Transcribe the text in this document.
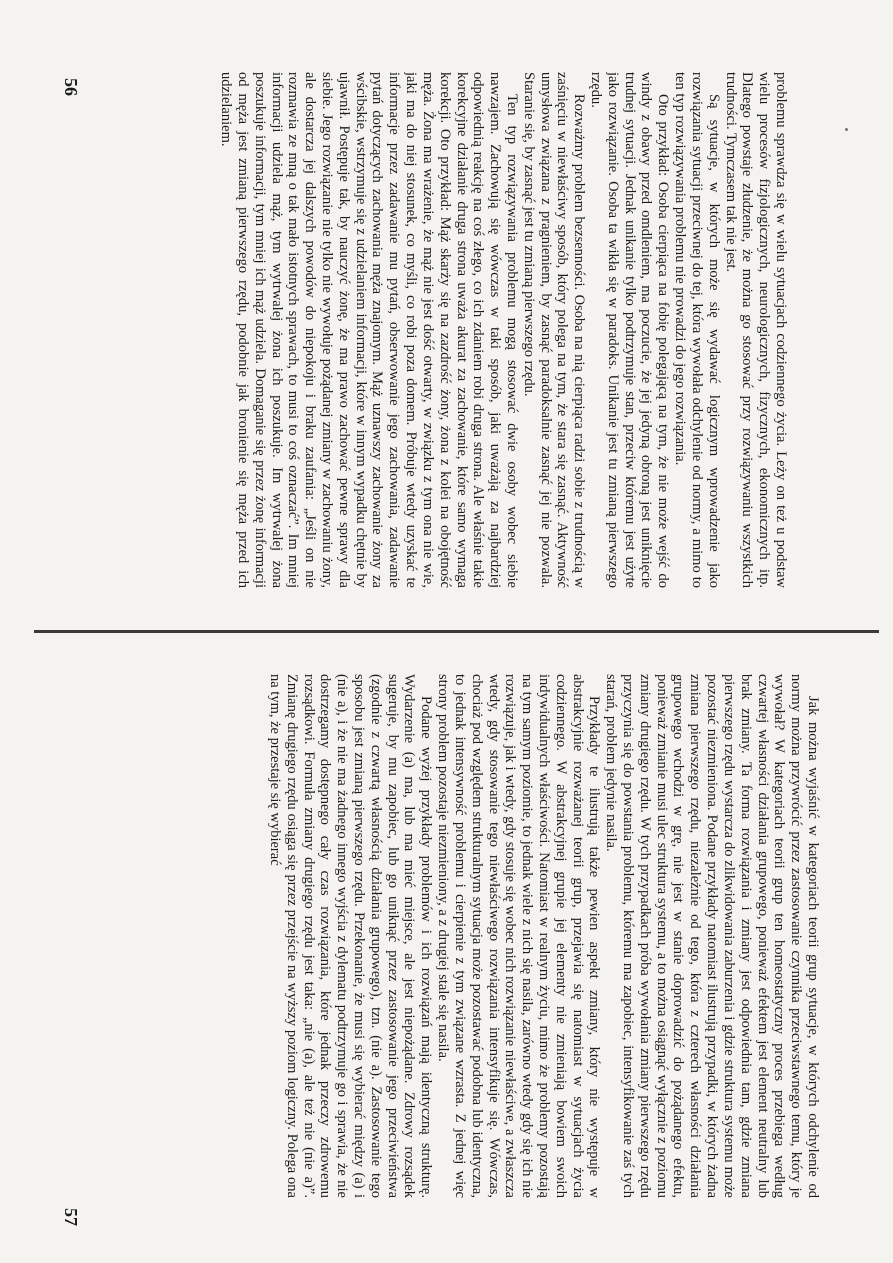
problemu sprawdza się w wielu sytuacjach codziennego życia. Leży on też u podstaw wielu procesów fizjologicznych, neurologicznych, fizycznych, ekonomicznych itp. Dlatego powstaje złudzenie, że można go stosować przy rozwiązywaniu wszystkich trudności. Tymczasem tak nie jest.

Są sytuacje, w których może się wydawać logicznym wprowadzenie jako rozwiązania sytuacji przeciwnej do tej, która wywołała odchylenie od normy, a mimo to ten typ rozwiązywania problemu nie prowadzi do jego rozwiązania.

Oto przykład: Osoba cierpiąca na fobię polegającą na tym, że nie może wejść do windy z obawy przed omdleniem, ma poczucie, że jej jedyną obroną jest uniknięcie trudnej sytuacji. Jednak unikanie tylko podtrzymuje stan, przeciw któremu jest użyte jako rozwiązanie. Osoba ta wikła się w paradoks. Unikanie jest tu zmianą pierwszego rzędu.

Rozważmy problem bezsenności. Osoba na nią cierpiąca radzi sobie z trudnością w zaśnięciu w niewłaściwy sposób, który polega na tym, że stara się zasnąć. Aktywność umysłowa związana z pragnieniem, by zasnąć paradoksalnie zasnąć jej nie pozwala. Staranie się, by zasnąć jest tu zmianą pierwszego rzędu.

Ten typ rozwiązywania problemu mogą stosować dwie osoby wobec siebie nawzajem. Zachowują się wówczas w taki sposób, jaki uważają za najbardziej odpowiednią reakcję na coś złego, co ich zdaniem robi druga strona. Ale właśnie takie korekcyjne działanie druga strona uważa akurat za zachowanie, które samo wymaga korekcji. Oto przykład: Mąż skarży się na zazdrość żony, żona z kolei na obojętność męża. Żona ma wrażenie, że mąż nie jest dość otwarty, w związku z tym ona nie wie, jaki ma do niej stosunek, co myśli, co robi poza domem. Próbuje wtedy uzyskać te informacje przez zadawanie mu pytań, obserwowanie jego zachowania, zadawanie pytań dotyczących zachowania męża znajomym. Mąż uznawszy zachowanie żony za wścibskie, wstrzymuje się z udzielaniem informacji, które w innym wypadku chętnie by ujawnił. Postępuje tak, by nauczyć żonę, że ma prawo zachować pewne sprawy dla siebie. Jego rozwiązanie nie tylko nie wywołuje pożądanej zmiany w zachowaniu żony, ale dostarcza jej dalszych powodów do niepokoju i braku zaufania: „Jeśli on nie rozmawia ze mną o tak mało istotnych sprawach, to musi to coś oznaczać”. Im mniej informacji udziela mąż, tym wytrwalej żona ich poszukuje. Im wytrwalej żona poszukuje informacji, tym mniej ich mąż udziela. Domaganie się przez żonę informacji od męża jest zmianą pierwszego rzędu, podobnie jak bronienie się męża przed ich udzielaniem.

56

Jak można wyjaśnić w kategoriach teorii grup sytuacje, w których odchylenie od normy można przywrócić przez zastosowanie czynnika przeciwstawnego temu, który je wywołał? W kategoriach teorii grup ten homeostatyczny proces przebiega według czwartej własności działania grupowego, ponieważ efektem jest element neutralny lub brak zmiany. Ta forma rozwiązania i zmiany jest odpowiednia tam, gdzie zmiana pierwszego rzędu wystarcza do zlikwidowania zaburzenia i gdzie struktura systemu może pozostać niezmieniona. Podane przykłady natomiast ilustrują przypadki, w których żadna zmiana pierwszego rzędu, niezależnie od tego, która z czterech własności działania grupowego wchodzi w grę, nie jest w stanie doprowadzić do pożądanego efektu, ponieważ zmianie musi ulec struktura systemu, a to można osiągnąć wyłącznie z poziomu zmiany drugiego rzędu. W tych przypadkach próba wywołania zmiany pierwszego rzędu przyczynia się do powstania problemu, któremu ma zapobiec, intensyfikowanie zaś tych starań, problem jedynie nasila.

Przykłady te ilustrują także pewien aspekt zmiany, który nie występuje w abstrakcyjnie rozważanej teorii grup, przejawia się natomiast w sytuacjach życia codziennego. W abstrakcyjnej grupie jej elementy nie zmieniają bowiem swoich indywidualnych właściwości. Natomiast w realnym życiu, mimo że problemy pozostają na tym samym poziomie, to jednak wiele z nich się nasila, zarówno wtedy gdy się ich nie rozwiązuje, jak i wtedy, gdy stosuje się wobec nich rozwiązanie niewłaściwe, a zwłaszcza wtedy, gdy stosowanie tego niewłaściwego rozwiązania intensyfikuje się. Wówczas, chociaż pod względem strukturalnym sytuacja może pozostawać podobna lub identyczna, to jednak intensywność problemu i cierpienie z tym związane wzrasta. Z jednej więc strony problem pozostaje niezmieniony, a z drugiej stale się nasila.

Podane wyżej przykłady problemów i ich rozwiązań mają identyczną strukturę. Wydarzenie (a) ma, lub ma mieć miejsce, ale jest niepożądane. Zdrowy rozsądek sugeruje, by mu zapobiec, lub go uniknąć przez zastosowanie jego przeciwieństwa (zgodnie z czwartą własnością działania grupowego), tzn. (nie a). Zastosowanie tego sposobu jest zmianą pierwszego rzędu. Przekonanie, że musi się wybierać między (a) i (nie a), i że nie ma żadnego innego wyjścia z dylematu podtrzymuje go i sprawia, że nie dostrzegamy dostępnego cały czas rozwiązania, które jednak przeczy zdrowemu rozsądkowi. Formuła zmiany drugiego rzędu jest taka: „nie (a), ale też nie (nie a)”. Zmianę drugiego rzędu osiąga się przez przejście na wyższy poziom logiczny. Polega ona na tym, że przestaje się wybierać

57
